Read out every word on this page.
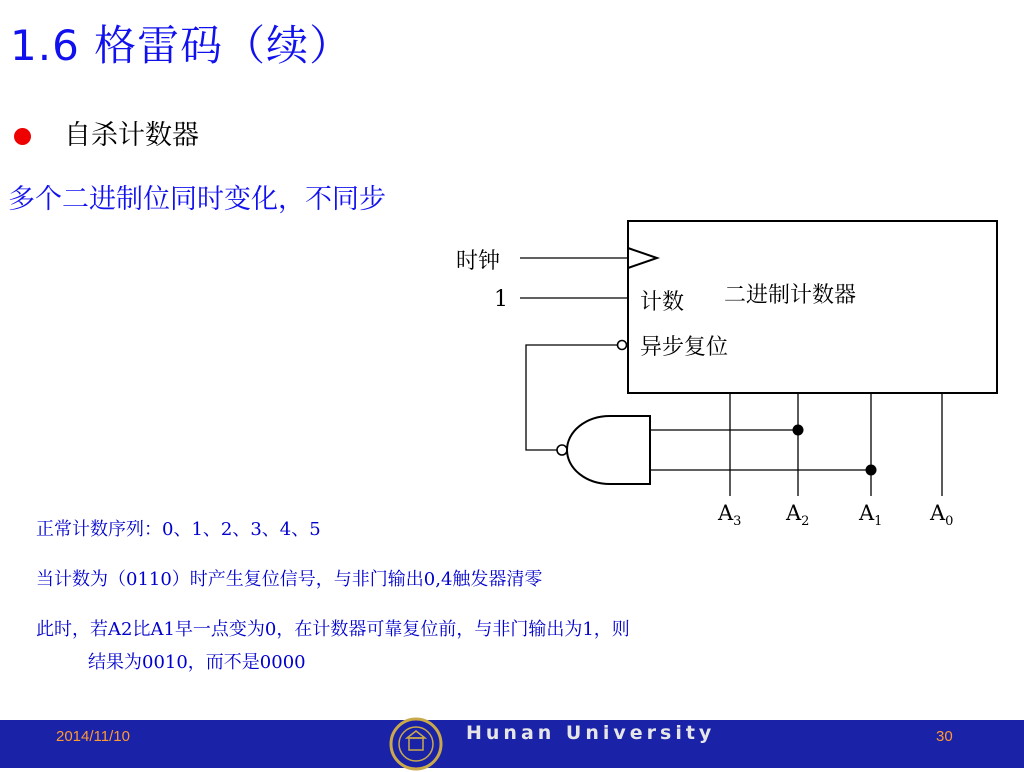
1.6 格雷码（续）
自杀计数器
多个二进制位同时变化，不同步
时钟
1	二进制计数器
计数
异步复位
$A_3$ $A_2$ $A_1$ $A_0$
正常计数序列：0、1、2、3、4、5
当计数为（0110）时产生复位信号，与非门输出0,4触发器清零
此时，若A2比A1早一点变为0，在计数器可靠复位前，与非门输出为1，则
结果为0010，而不是0000
2014/11/10	Hunan University	30
